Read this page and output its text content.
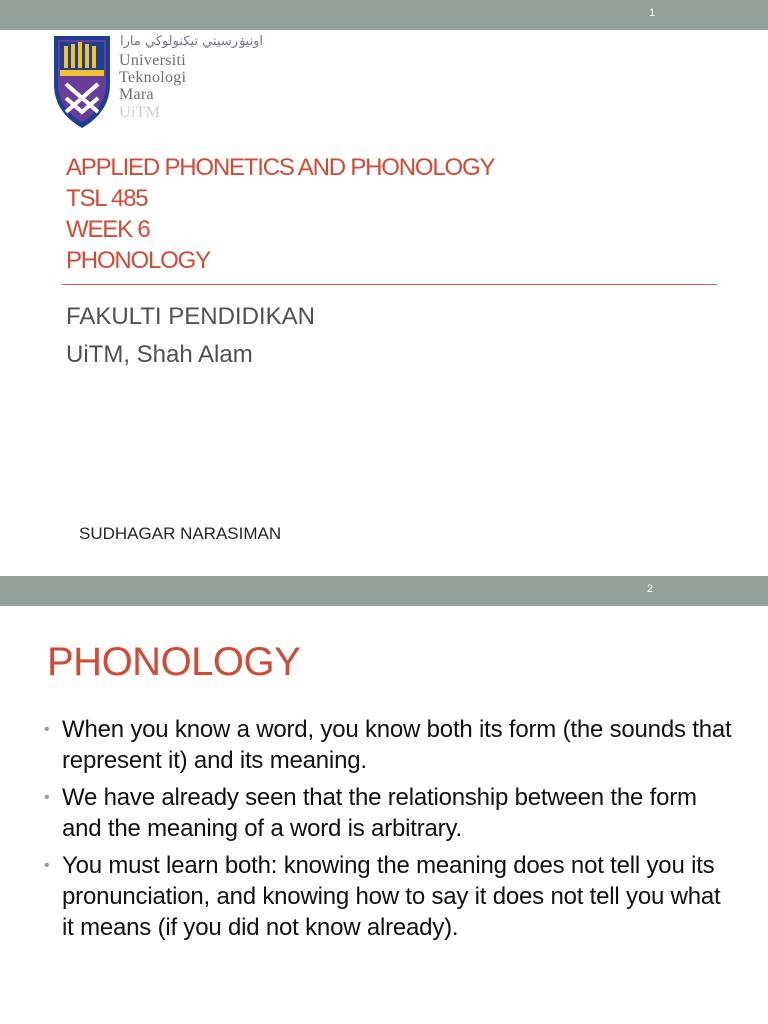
1
اونيۏرسيتي تيكنولوڬي مارا
Universiti
Teknologi
Mara
UiTM
APPLIED PHONETICS AND PHONOLOGY
TSL 485
WEEK 6
PHONOLOGY
FAKULTI PENDIDIKAN
UiTM, Shah Alam
SUDHAGAR NARASIMAN
2
PHONOLOGY
• When you know a word, you know both its form (the sounds that represent it) and its meaning.
• We have already seen that the relationship between the form and the meaning of a word is arbitrary.
• You must learn both: knowing the meaning does not tell you its pronunciation, and knowing how to say it does not tell you what it means (if you did not know already).
